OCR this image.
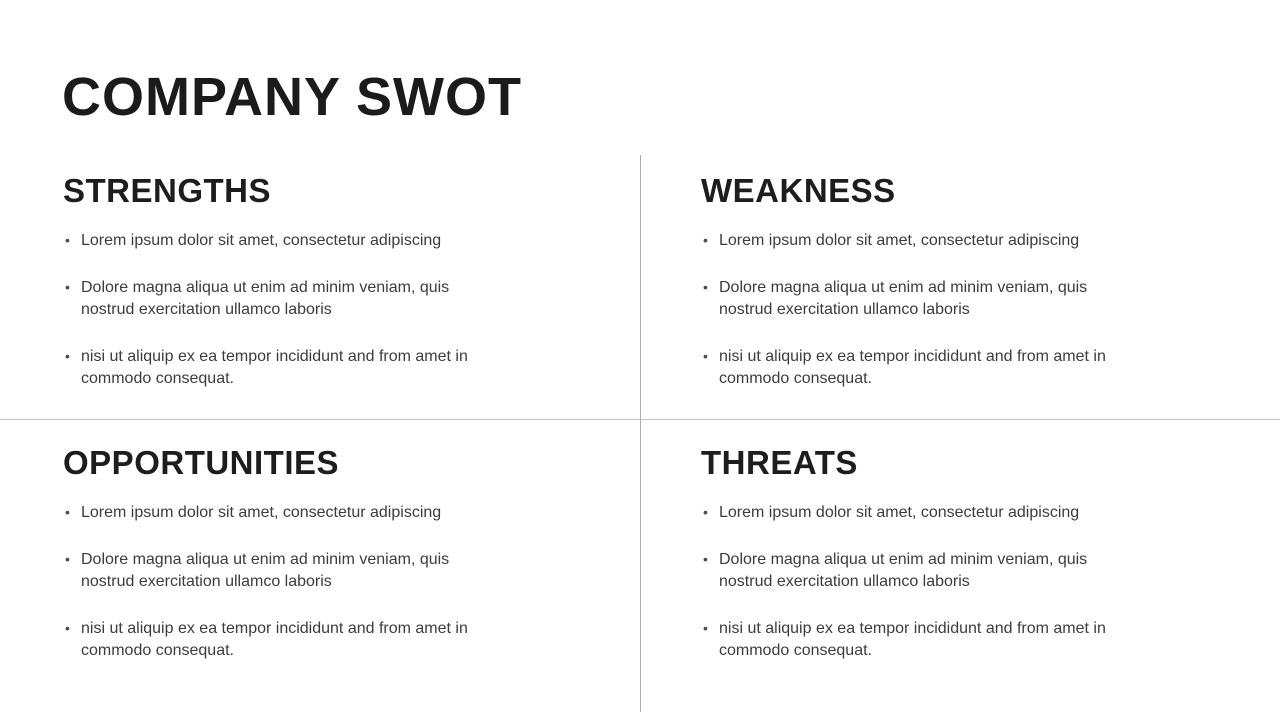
COMPANY SWOT
STRENGTHS
• Lorem ipsum dolor sit amet, consectetur adipiscing
• Dolore magna aliqua ut enim ad minim veniam, quis nostrud exercitation ullamco laboris
• nisi ut aliquip ex ea tempor incididunt and from amet in commodo consequat.
WEAKNESS
• Lorem ipsum dolor sit amet, consectetur adipiscing
• Dolore magna aliqua ut enim ad minim veniam, quis nostrud exercitation ullamco laboris
• nisi ut aliquip ex ea tempor incididunt and from amet in commodo consequat.
OPPORTUNITIES
• Lorem ipsum dolor sit amet, consectetur adipiscing
• Dolore magna aliqua ut enim ad minim veniam, quis nostrud exercitation ullamco laboris
• nisi ut aliquip ex ea tempor incididunt and from amet in commodo consequat.
THREATS
• Lorem ipsum dolor sit amet, consectetur adipiscing
• Dolore magna aliqua ut enim ad minim veniam, quis nostrud exercitation ullamco laboris
• nisi ut aliquip ex ea tempor incididunt and from amet in commodo consequat.
